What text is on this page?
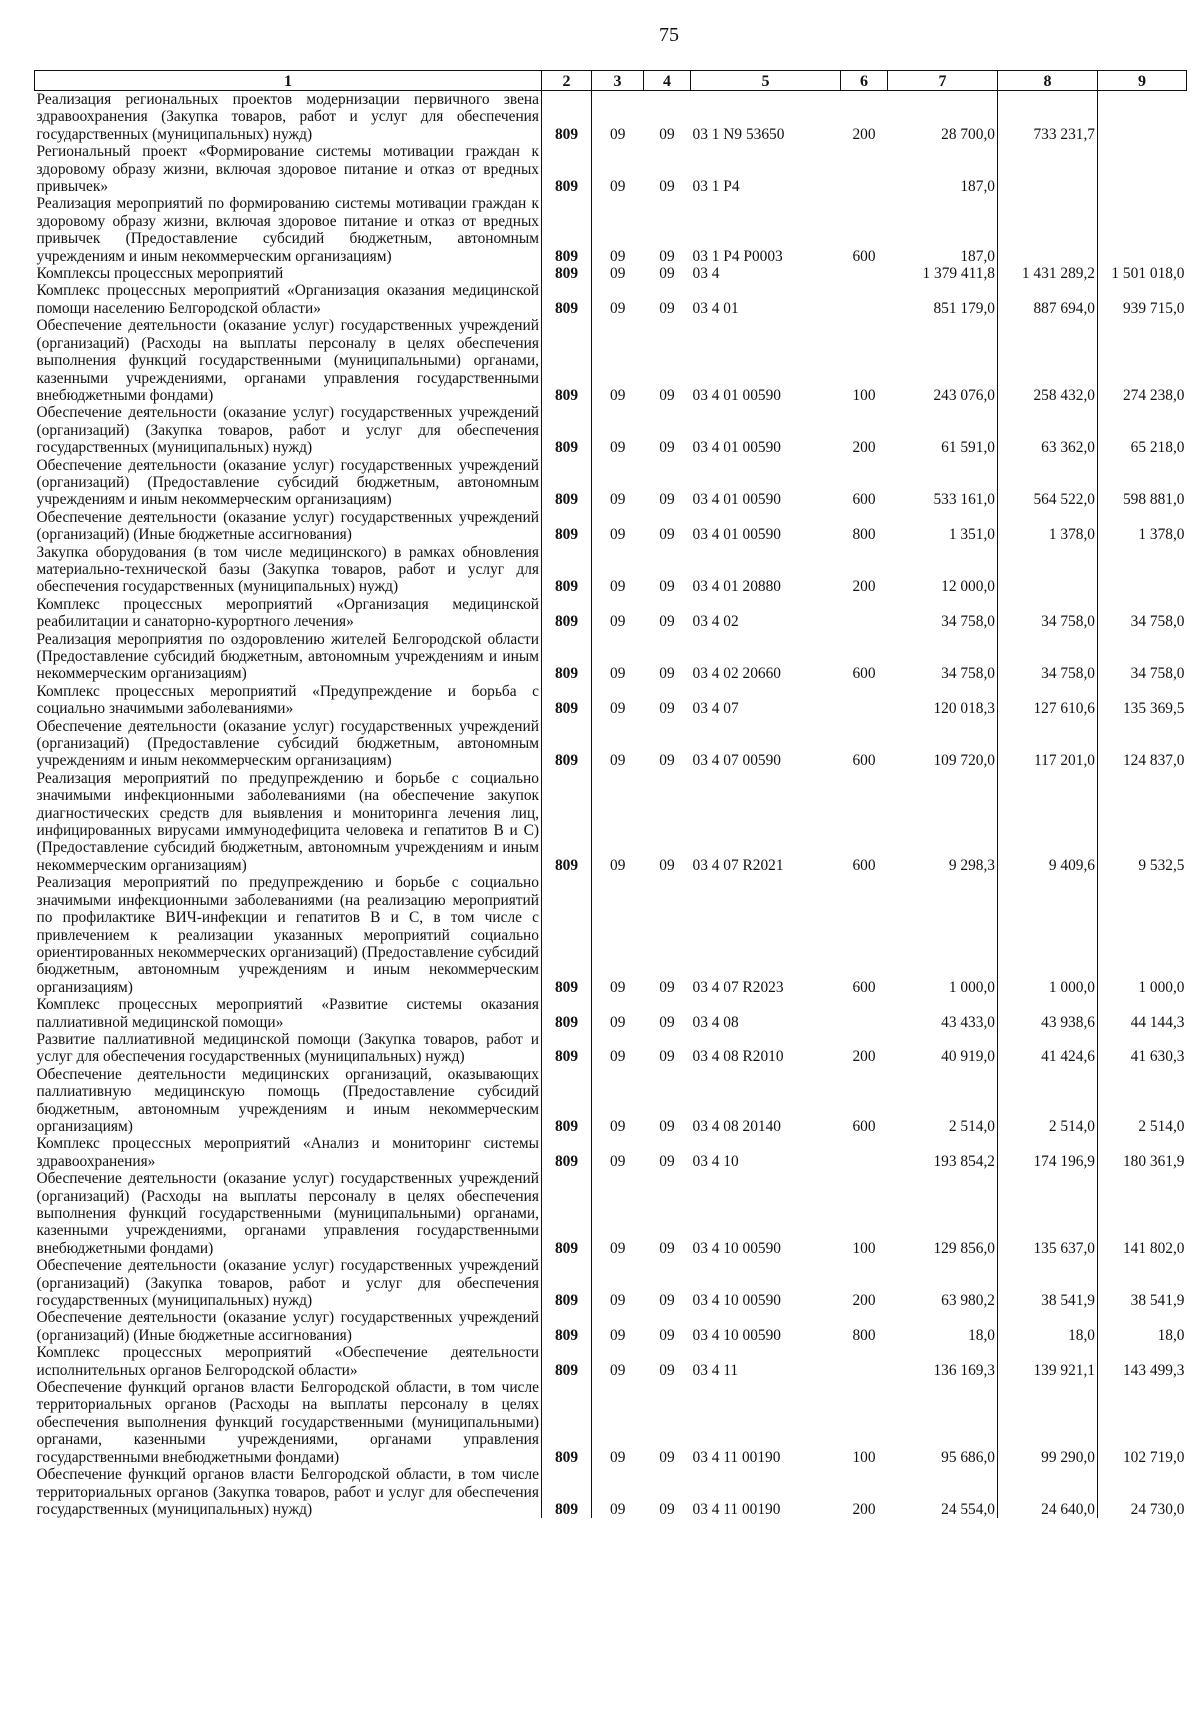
75
1	2	3	4	5	6	7	8	9
Реализация региональных проектов модернизации первичного звена здравоохранения (Закупка товаров, работ и услуг для обеспечения государственных (муниципальных) нужд)	809	09	09	03 1 N9 53650	200	28 700,0	733 231,7	
Региональный проект «Формирование системы мотивации граждан к здоровому образу жизни, включая здоровое питание и отказ от вредных привычек»	809	09	09	03 1 P4		187,0		
Реализация мероприятий по формированию системы мотивации граждан к здоровому образу жизни, включая здоровое питание и отказ от вредных привычек (Предоставление субсидий бюджетным, автономным учреждениям и иным некоммерческим организациям)	809	09	09	03 1 P4 P0003	600	187,0		
Комплексы процессных мероприятий	809	09	09	03 4		1 379 411,8	1 431 289,2	1 501 018,0
Комплекс процессных мероприятий «Организация оказания медицинской помощи населению Белгородской области»	809	09	09	03 4 01		851 179,0	887 694,0	939 715,0
Обеспечение деятельности (оказание услуг) государственных учреждений (организаций) (Расходы на выплаты персоналу в целях обеспечения выполнения функций государственными (муниципальными) органами, казенными учреждениями, органами управления государственными внебюджетными фондами)	809	09	09	03 4 01 00590	100	243 076,0	258 432,0	274 238,0
Обеспечение деятельности (оказание услуг) государственных учреждений (организаций) (Закупка товаров, работ и услуг для обеспечения государственных (муниципальных) нужд)	809	09	09	03 4 01 00590	200	61 591,0	63 362,0	65 218,0
Обеспечение деятельности (оказание услуг) государственных учреждений (организаций) (Предоставление субсидий бюджетным, автономным учреждениям и иным некоммерческим организациям)	809	09	09	03 4 01 00590	600	533 161,0	564 522,0	598 881,0
Обеспечение деятельности (оказание услуг) государственных учреждений (организаций) (Иные бюджетные ассигнования)	809	09	09	03 4 01 00590	800	1 351,0	1 378,0	1 378,0
Закупка оборудования (в том числе медицинского) в рамках обновления материально-технической базы (Закупка товаров, работ и услуг для обеспечения государственных (муниципальных) нужд)	809	09	09	03 4 01 20880	200	12 000,0		
Комплекс процессных мероприятий «Организация медицинской реабилитации и санаторно-курортного лечения»	809	09	09	03 4 02		34 758,0	34 758,0	34 758,0
Реализация мероприятия по оздоровлению жителей Белгородской области (Предоставление субсидий бюджетным, автономным учреждениям и иным некоммерческим организациям)	809	09	09	03 4 02 20660	600	34 758,0	34 758,0	34 758,0
Комплекс процессных мероприятий «Предупреждение и борьба с социально значимыми заболеваниями»	809	09	09	03 4 07		120 018,3	127 610,6	135 369,5
Обеспечение деятельности (оказание услуг) государственных учреждений (организаций) (Предоставление субсидий бюджетным, автономным учреждениям и иным некоммерческим организациям)	809	09	09	03 4 07 00590	600	109 720,0	117 201,0	124 837,0
Реализация мероприятий по предупреждению и борьбе с социально значимыми инфекционными заболеваниями (на обеспечение закупок диагностических средств для выявления и мониторинга лечения лиц, инфицированных вирусами иммунодефицита человека и гепатитов В и С) (Предоставление субсидий бюджетным, автономным учреждениям и иным некоммерческим организациям)	809	09	09	03 4 07 R2021	600	9 298,3	9 409,6	9 532,5
Реализация мероприятий по предупреждению и борьбе с социально значимыми инфекционными заболеваниями (на реализацию мероприятий по профилактике ВИЧ-инфекции и гепатитов В и С, в том числе с привлечением к реализации указанных мероприятий социально ориентированных некоммерческих организаций) (Предоставление субсидий бюджетным, автономным учреждениям и иным некоммерческим организациям)	809	09	09	03 4 07 R2023	600	1 000,0	1 000,0	1 000,0
Комплекс процессных мероприятий «Развитие системы оказания паллиативной медицинской помощи»	809	09	09	03 4 08		43 433,0	43 938,6	44 144,3
Развитие паллиативной медицинской помощи (Закупка товаров, работ и услуг для обеспечения государственных (муниципальных) нужд)	809	09	09	03 4 08 R2010	200	40 919,0	41 424,6	41 630,3
Обеспечение деятельности медицинских организаций, оказывающих паллиативную медицинскую помощь (Предоставление субсидий бюджетным, автономным учреждениям и иным некоммерческим организациям)	809	09	09	03 4 08 20140	600	2 514,0	2 514,0	2 514,0
Комплекс процессных мероприятий «Анализ и мониторинг системы здравоохранения»	809	09	09	03 4 10		193 854,2	174 196,9	180 361,9
Обеспечение деятельности (оказание услуг) государственных учреждений (организаций) (Расходы на выплаты персоналу в целях обеспечения выполнения функций государственными (муниципальными) органами, казенными учреждениями, органами управления государственными внебюджетными фондами)	809	09	09	03 4 10 00590	100	129 856,0	135 637,0	141 802,0
Обеспечение деятельности (оказание услуг) государственных учреждений (организаций) (Закупка товаров, работ и услуг для обеспечения государственных (муниципальных) нужд)	809	09	09	03 4 10 00590	200	63 980,2	38 541,9	38 541,9
Обеспечение деятельности (оказание услуг) государственных учреждений (организаций) (Иные бюджетные ассигнования)	809	09	09	03 4 10 00590	800	18,0	18,0	18,0
Комплекс процессных мероприятий «Обеспечение деятельности исполнительных органов Белгородской области»	809	09	09	03 4 11		136 169,3	139 921,1	143 499,3
Обеспечение функций органов власти Белгородской области, в том числе территориальных органов (Расходы на выплаты персоналу в целях обеспечения выполнения функций государственными (муниципальными) органами, казенными учреждениями, органами управления государственными внебюджетными фондами)	809	09	09	03 4 11 00190	100	95 686,0	99 290,0	102 719,0
Обеспечение функций органов власти Белгородской области, в том числе территориальных органов (Закупка товаров, работ и услуг для обеспечения государственных (муниципальных) нужд)	809	09	09	03 4 11 00190	200	24 554,0	24 640,0	24 730,0
